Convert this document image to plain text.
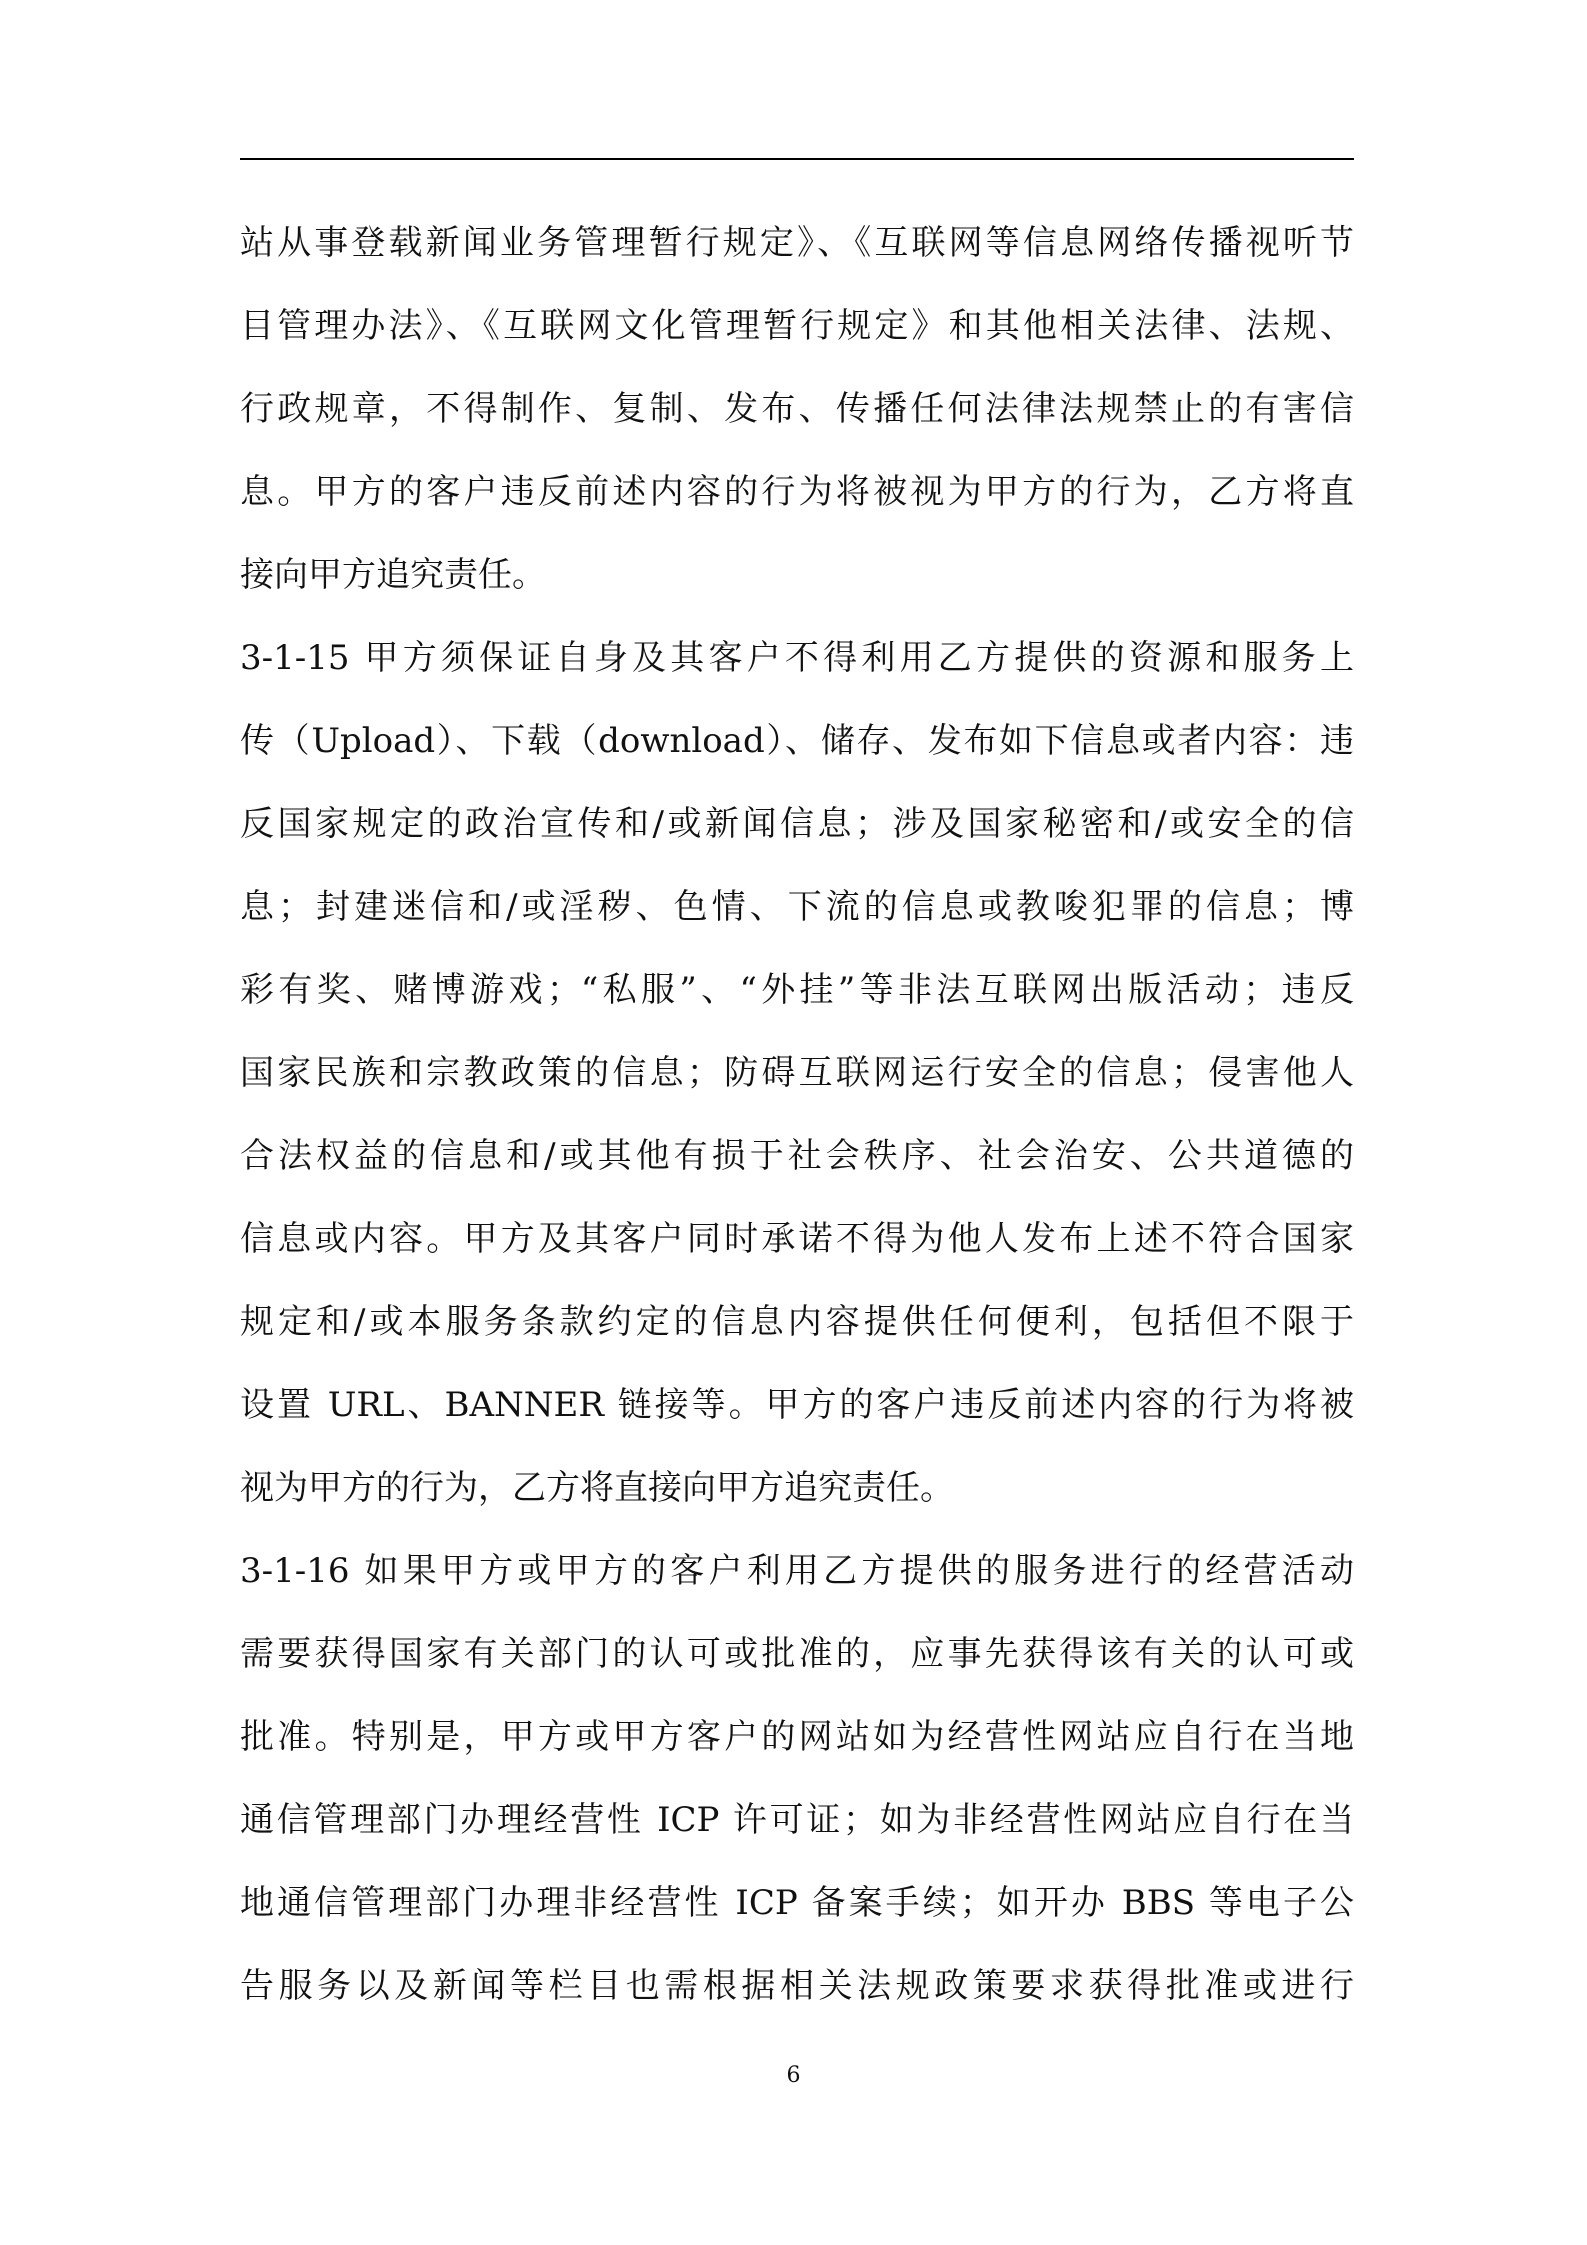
站从事登载新闻业务管理暂行规定》、《互联网等信息网络传播视听节
目管理办法》、《互联网文化管理暂行规定》和其他相关法律、法规、
行政规章，不得制作、复制、发布、传播任何法律法规禁止的有害信
息。甲方的客户违反前述内容的行为将被视为甲方的行为，乙方将直
接向甲方追究责任。
3-1-15 甲方须保证自身及其客户不得利用乙方提供的资源和服务上
传（Upload）、下载（download）、储存、发布如下信息或者内容：违
反国家规定的政治宣传和/或新闻信息；涉及国家秘密和/或安全的信
息；封建迷信和/或淫秽、色情、下流的信息或教唆犯罪的信息；博
彩有奖、赌博游戏；“私服”、“外挂”等非法互联网出版活动；违反
国家民族和宗教政策的信息；防碍互联网运行安全的信息；侵害他人
合法权益的信息和/或其他有损于社会秩序、社会治安、公共道德的
信息或内容。甲方及其客户同时承诺不得为他人发布上述不符合国家
规定和/或本服务条款约定的信息内容提供任何便利，包括但不限于
设置 URL、BANNER 链接等。甲方的客户违反前述内容的行为将被
视为甲方的行为，乙方将直接向甲方追究责任。
3-1-16 如果甲方或甲方的客户利用乙方提供的服务进行的经营活动
需要获得国家有关部门的认可或批准的，应事先获得该有关的认可或
批准。特别是，甲方或甲方客户的网站如为经营性网站应自行在当地
通信管理部门办理经营性 ICP 许可证；如为非经营性网站应自行在当
地通信管理部门办理非经营性 ICP 备案手续；如开办 BBS 等电子公
告服务以及新闻等栏目也需根据相关法规政策要求获得批准或进行
6
